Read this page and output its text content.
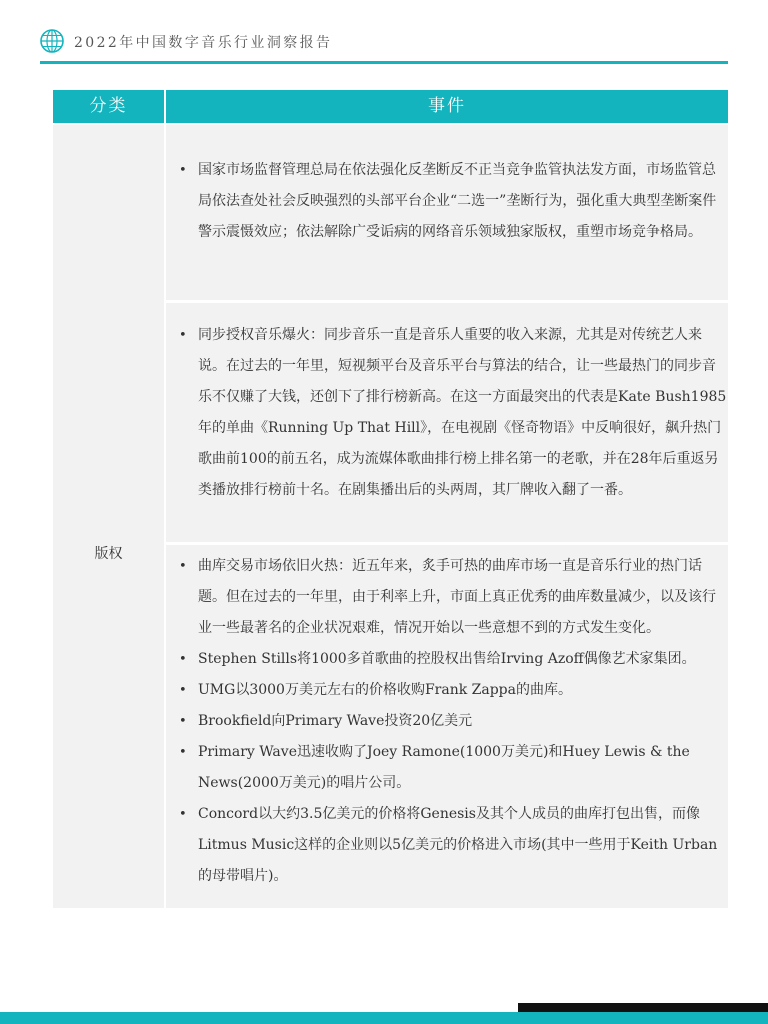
2022年中国数字音乐行业洞察报告
分类	事件
版权
• 国家市场监督管理总局在依法强化反垄断反不正当竞争监管执法发方面，市场监管总局依法查处社会反映强烈的头部平台企业“二选一”垄断行为，强化重大典型垄断案件警示震慑效应；依法解除广受诟病的网络音乐领域独家版权，重塑市场竞争格局。
• 同步授权音乐爆火：同步音乐一直是音乐人重要的收入来源，尤其是对传统艺人来说。在过去的一年里，短视频平台及音乐平台与算法的结合，让一些最热门的同步音乐不仅赚了大钱，还创下了排行榜新高。在这一方面最突出的代表是Kate Bush1985年的单曲《Running Up That Hill》，在电视剧《怪奇物语》中反响很好，飙升热门歌曲前100的前五名，成为流媒体歌曲排行榜上排名第一的老歌，并在28年后重返另类播放排行榜前十名。在剧集播出后的头两周，其厂牌收入翻了一番。
• 曲库交易市场依旧火热：近五年来，炙手可热的曲库市场一直是音乐行业的热门话题。但在过去的一年里，由于利率上升，市面上真正优秀的曲库数量减少，以及该行业一些最著名的企业状况艰难，情况开始以一些意想不到的方式发生变化。
• Stephen Stills将1000多首歌曲的控股权出售给Irving Azoff偶像艺术家集团。
• UMG以3000万美元左右的价格收购Frank Zappa的曲库。
• Brookfield向Primary Wave投资20亿美元
• Primary Wave迅速收购了Joey Ramone(1000万美元)和Huey Lewis & the News(2000万美元)的唱片公司。
• Concord以大约3.5亿美元的价格将Genesis及其个人成员的曲库打包出售，而像Litmus Music这样的企业则以5亿美元的价格进入市场(其中一些用于Keith Urban的母带唱片)。
